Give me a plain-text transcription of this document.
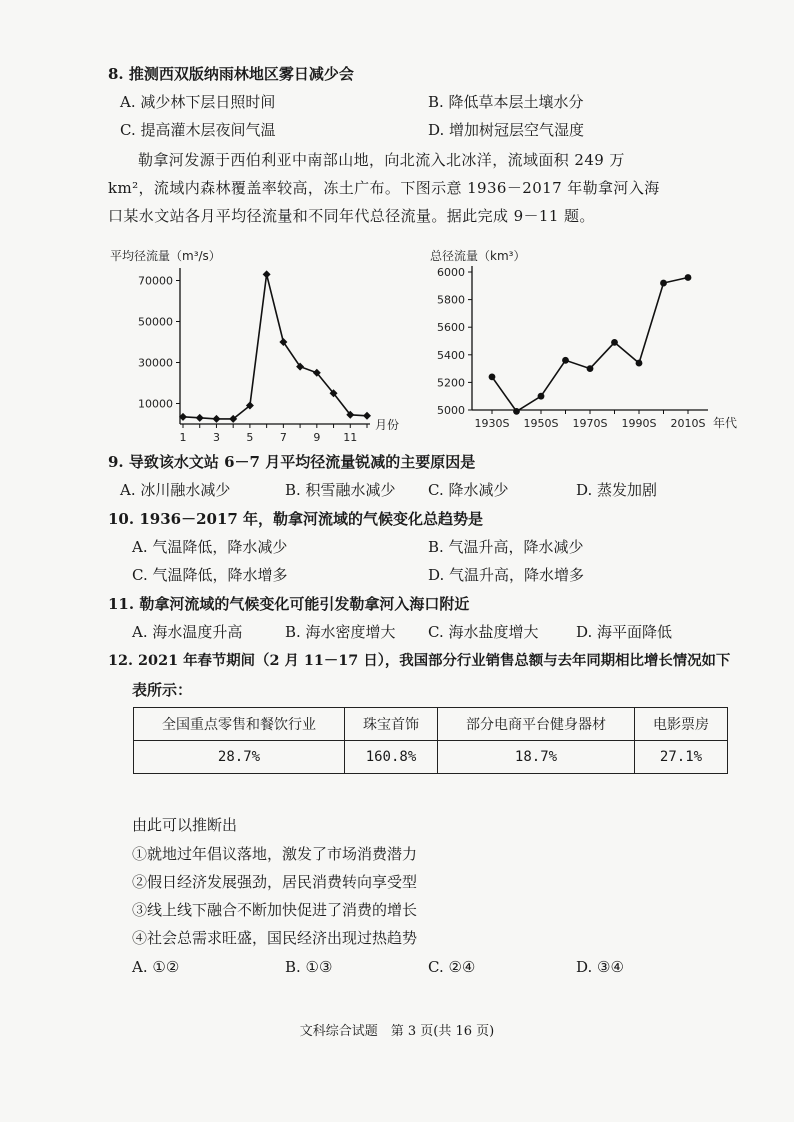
8. 推测西双版纳雨林地区雾日减少会
A. 减少林下层日照时间	B. 降低草本层土壤水分
C. 提高灌木层夜间气温	D. 增加树冠层空气湿度
勒拿河发源于西伯利亚中南部山地，向北流入北冰洋，流域面积 249 万 km²，流域内森林覆盖率较高，冻土广布。下图示意 1936－2017 年勒拿河入海口某水文站各月平均径流量和不同年代总径流量。据此完成 9－11 题。
平均径流量（m³/s）
10000
30000
50000
70000
1 3 5 7 9 11
月份
总径流量（km³）
5000
5200
5400
5600
5800
6000
1930S 1950S 1970S 1990S 2010S 年代
9. 导致该水文站 6－7 月平均径流量锐减的主要原因是
A. 冰川融水减少	B. 积雪融水减少 C. 降水减少	D. 蒸发加剧
10. 1936－2017 年，勒拿河流域的气候变化总趋势是
A. 气温降低，降水减少	B. 气温升高，降水减少
C. 气温降低，降水增多	D. 气温升高，降水增多
11. 勒拿河流域的气候变化可能引发勒拿河入海口附近
A. 海水温度升高	B. 海水密度增大 C. 海水盐度增大	D. 海平面降低
12. 2021 年春节期间（2 月 11－17 日），我国部分行业销售总额与去年同期相比增长情况如下
表所示：
全国重点零售和餐饮行业	珠宝首饰	部分电商平台健身器材	电影票房
28.7%	160.8%	18.7%	27.1%
由此可以推断出
①就地过年倡议落地，激发了市场消费潜力
②假日经济发展强劲，居民消费转向享受型
③线上线下融合不断加快促进了消费的增长
④社会总需求旺盛，国民经济出现过热趋势
A. ①②	B. ①③	C. ②④	D. ③④
文科综合试题　第 3 页(共 16 页)
